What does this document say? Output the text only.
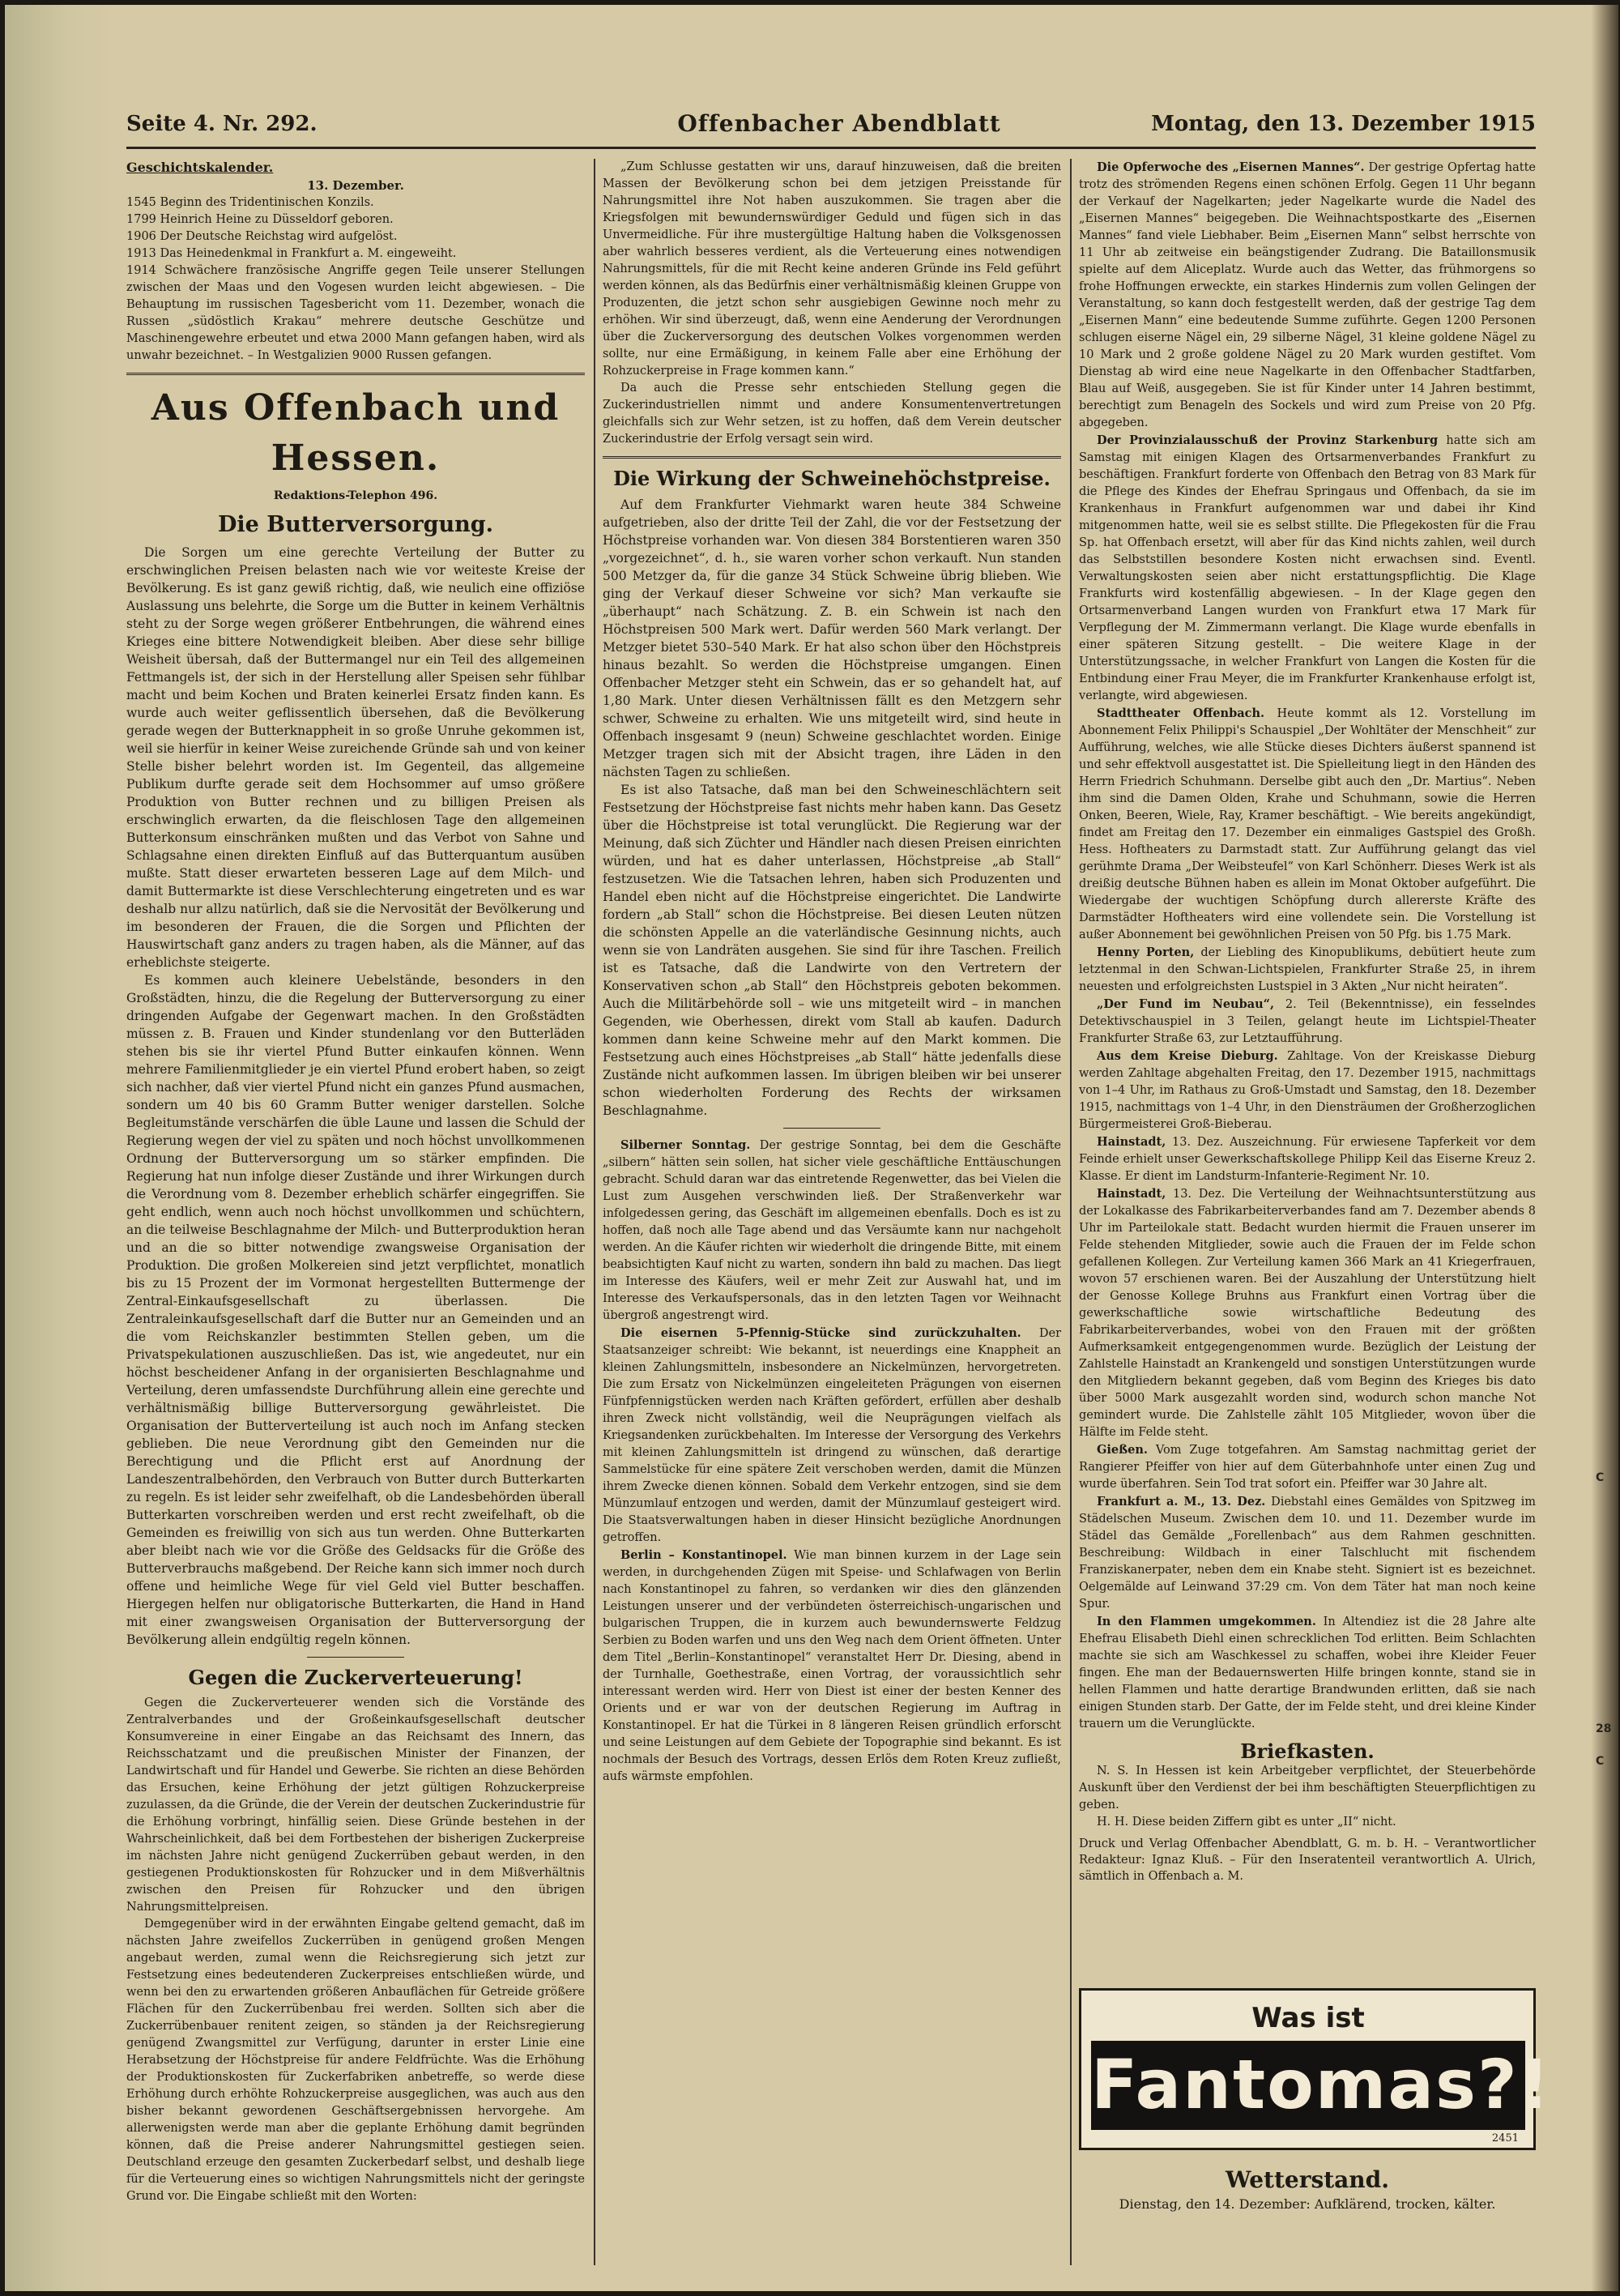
Seite 4. Nr. 292.	Offenbacher Abendblatt	Montag, den 13. Dezember 1915
Geschichtskalender.
13. Dezember.
1545 Beginn des Tridentinischen Konzils.
1799 Heinrich Heine zu Düsseldorf geboren.
1906 Der Deutsche Reichstag wird aufgelöst.
1913 Das Heinedenkmal in Frankfurt a. M. eingeweiht.
1914 Schwächere französische Angriffe gegen Teile unserer Stellungen zwischen der Maas und den Vogesen wurden leicht abgewiesen. – Die Behauptung im russischen Tagesbericht vom 11. Dezember, wonach die Russen „südöstlich Krakau“ mehrere deutsche Geschütze und Maschinengewehre erbeutet und etwa 2000 Mann gefangen haben, wird als unwahr bezeichnet. – In Westgalizien 9000 Russen gefangen.
Aus Offenbach und Hessen.
Redaktions-Telephon 496.
Die Butterversorgung.

Die Sorgen um eine gerechte Verteilung der Butter zu erschwinglichen Preisen belasten nach wie vor weiteste Kreise der Bevölkerung. Es ist ganz gewiß richtig, daß, wie neulich eine offiziöse Auslassung uns belehrte, die Sorge um die Butter in keinem Verhältnis steht zu der Sorge wegen größerer Entbehrungen, die während eines Krieges eine bittere Notwendigkeit bleiben. Aber diese sehr billige Weisheit übersah, daß der Buttermangel nur ein Teil des allgemeinen Fettmangels ist, der sich in der Herstellung aller Speisen sehr fühlbar macht und beim Kochen und Braten keinerlei Ersatz finden kann. Es wurde auch weiter geflissentlich übersehen, daß die Bevölkerung gerade wegen der Butterknappheit in so große Unruhe gekommen ist, weil sie hierfür in keiner Weise zureichende Gründe sah und von keiner Stelle bisher belehrt worden ist. Im Gegenteil, das allgemeine Publikum durfte gerade seit dem Hochsommer auf umso größere Produktion von Butter rechnen und zu billigen Preisen als erschwinglich erwarten, da die fleischlosen Tage den allgemeinen Butterkonsum einschränken mußten und das Verbot von Sahne und Schlagsahne einen direkten Einfluß auf das Butterquantum ausüben mußte. Statt dieser erwarteten besseren Lage auf dem Milch- und damit Buttermarkte ist diese Verschlechterung eingetreten und es war deshalb nur allzu natürlich, daß sie die Nervosität der Bevölkerung und im besonderen der Frauen, die die Sorgen und Pflichten der Hauswirtschaft ganz anders zu tragen haben, als die Männer, auf das erheblichste steigerte.

Es kommen auch kleinere Uebelstände, besonders in den Großstädten, hinzu, die die Regelung der Butterversorgung zu einer dringenden Aufgabe der Gegenwart machen. In den Großstädten müssen z. B. Frauen und Kinder stundenlang vor den Butterläden stehen bis sie ihr viertel Pfund Butter einkaufen können. Wenn mehrere Familienmitglieder je ein viertel Pfund erobert haben, so zeigt sich nachher, daß vier viertel Pfund nicht ein ganzes Pfund ausmachen, sondern um 40 bis 60 Gramm Butter weniger darstellen. Solche Begleitumstände verschärfen die üble Laune und lassen die Schuld der Regierung wegen der viel zu späten und noch höchst unvollkommenen Ordnung der Butterversorgung um so stärker empfinden. Die Regierung hat nun infolge dieser Zustände und ihrer Wirkungen durch die Verordnung vom 8. Dezember erheblich schärfer eingegriffen. Sie geht endlich, wenn auch noch höchst unvollkommen und schüchtern, an die teilweise Beschlagnahme der Milch- und Butterproduktion heran und an die so bitter notwendige zwangsweise Organisation der Produktion. Die großen Molkereien sind jetzt verpflichtet, monatlich bis zu 15 Prozent der im Vormonat hergestellten Buttermenge der Zentral-Einkaufsgesellschaft zu überlassen. Die Zentraleinkaufsgesellschaft darf die Butter nur an Gemeinden und an die vom Reichskanzler bestimmten Stellen geben, um die Privatspekulationen auszuschließen. Das ist, wie angedeutet, nur ein höchst bescheidener Anfang in der organisierten Beschlagnahme und Verteilung, deren umfassendste Durchführung allein eine gerechte und verhältnismäßig billige Butterversorgung gewährleistet. Die Organisation der Butterverteilung ist auch noch im Anfang stecken geblieben. Die neue Verordnung gibt den Gemeinden nur die Berechtigung und die Pflicht erst auf Anordnung der Landeszentralbehörden, den Verbrauch von Butter durch Butterkarten zu regeln. Es ist leider sehr zweifelhaft, ob die Landesbehörden überall Butterkarten vorschreiben werden und erst recht zweifelhaft, ob die Gemeinden es freiwillig von sich aus tun werden. Ohne Butterkarten aber bleibt nach wie vor die Größe des Geldsacks für die Größe des Butterverbrauchs maßgebend. Der Reiche kann sich immer noch durch offene und heimliche Wege für viel Geld viel Butter beschaffen. Hiergegen helfen nur obligatorische Butterkarten, die Hand in Hand mit einer zwangsweisen Organisation der Butterversorgung der Bevölkerung allein endgültig regeln können.

Gegen die Zuckerverteuerung!

Gegen die Zuckerverteuerer wenden sich die Vorstände des Zentralverbandes und der Großeinkaufsgesellschaft deutscher Konsumvereine in einer Eingabe an das Reichsamt des Innern, das Reichsschatzamt und die preußischen Minister der Finanzen, der Landwirtschaft und für Handel und Gewerbe. Sie richten an diese Behörden das Ersuchen, keine Erhöhung der jetzt gültigen Rohzuckerpreise zuzulassen, da die Gründe, die der Verein der deutschen Zuckerindustrie für die Erhöhung vorbringt, hinfällig seien. Diese Gründe bestehen in der Wahrscheinlichkeit, daß bei dem Fortbestehen der bisherigen Zuckerpreise im nächsten Jahre nicht genügend Zuckerrüben gebaut werden, in den gestiegenen Produktionskosten für Rohzucker und in dem Mißverhältnis zwischen den Preisen für Rohzucker und den übrigen Nahrungsmittelpreisen.

Demgegenüber wird in der erwähnten Eingabe geltend gemacht, daß im nächsten Jahre zweifellos Zuckerrüben in genügend großen Mengen angebaut werden, zumal wenn die Reichsregierung sich jetzt zur Festsetzung eines bedeutenderen Zuckerpreises entschließen würde, und wenn bei den zu erwartenden größeren Anbauflächen für Getreide größere Flächen für den Zuckerrübenbau frei werden. Sollten sich aber die Zuckerrübenbauer renitent zeigen, so ständen ja der Reichsregierung genügend Zwangsmittel zur Verfügung, darunter in erster Linie eine Herabsetzung der Höchstpreise für andere Feldfrüchte. Was die Erhöhung der Produktionskosten für Zuckerfabriken anbetreffe, so werde diese Erhöhung durch erhöhte Rohzuckerpreise ausgeglichen, was auch aus den bisher bekannt gewordenen Geschäftsergebnissen hervorgehe. Am allerwenigsten werde man aber die geplante Erhöhung damit begründen können, daß die Preise anderer Nahrungsmittel gestiegen seien. Deutschland erzeuge den gesamten Zuckerbedarf selbst, und deshalb liege für die Verteuerung eines so wichtigen Nahrungsmittels nicht der geringste Grund vor. Die Eingabe schließt mit den Worten:

„Zum Schlusse gestatten wir uns, darauf hinzuweisen, daß die breiten Massen der Bevölkerung schon bei dem jetzigen Preisstande für Nahrungsmittel ihre Not haben auszukommen. Sie tragen aber die Kriegsfolgen mit bewundernswürdiger Geduld und fügen sich in das Unvermeidliche. Für ihre mustergültige Haltung haben die Volksgenossen aber wahrlich besseres verdient, als die Verteuerung eines notwendigen Nahrungsmittels, für die mit Recht keine anderen Gründe ins Feld geführt werden können, als das Bedürfnis einer verhältnismäßig kleinen Gruppe von Produzenten, die jetzt schon sehr ausgiebigen Gewinne noch mehr zu erhöhen. Wir sind überzeugt, daß, wenn eine Aenderung der Verordnungen über die Zuckerversorgung des deutschen Volkes vorgenommen werden sollte, nur eine Ermäßigung, in keinem Falle aber eine Erhöhung der Rohzuckerpreise in Frage kommen kann.“

Da auch die Presse sehr entschieden Stellung gegen die Zuckerindustriellen nimmt und andere Konsumentenvertretungen gleichfalls sich zur Wehr setzen, ist zu hoffen, daß dem Verein deutscher Zuckerindustrie der Erfolg versagt sein wird.

Die Wirkung der Schweinehöchstpreise.

Auf dem Frankfurter Viehmarkt waren heute 384 Schweine aufgetrieben, also der dritte Teil der Zahl, die vor der Festsetzung der Höchstpreise vorhanden war. Von diesen 384 Borstentieren waren 350 „vorgezeichnet“, d. h., sie waren vorher schon verkauft. Nun standen 500 Metzger da, für die ganze 34 Stück Schweine übrig blieben. Wie ging der Verkauf dieser Schweine vor sich? Man verkaufte sie „überhaupt“ nach Schätzung. Z. B. ein Schwein ist nach den Höchstpreisen 500 Mark wert. Dafür werden 560 Mark verlangt. Der Metzger bietet 530–540 Mark. Er hat also schon über den Höchstpreis hinaus bezahlt. So werden die Höchstpreise umgangen. Einen Offenbacher Metzger steht ein Schwein, das er so gehandelt hat, auf 1,80 Mark. Unter diesen Verhältnissen fällt es den Metzgern sehr schwer, Schweine zu erhalten. Wie uns mitgeteilt wird, sind heute in Offenbach insgesamt 9 (neun) Schweine geschlachtet worden. Einige Metzger tragen sich mit der Absicht tragen, ihre Läden in den nächsten Tagen zu schließen.

Es ist also Tatsache, daß man bei den Schweineschlächtern seit Festsetzung der Höchstpreise fast nichts mehr haben kann. Das Gesetz über die Höchstpreise ist total verunglückt. Die Regierung war der Meinung, daß sich Züchter und Händler nach diesen Preisen einrichten würden, und hat es daher unterlassen, Höchstpreise „ab Stall“ festzusetzen. Wie die Tatsachen lehren, haben sich Produzenten und Handel eben nicht auf die Höchstpreise eingerichtet. Die Landwirte fordern „ab Stall“ schon die Höchstpreise. Bei diesen Leuten nützen die schönsten Appelle an die vaterländische Gesinnung nichts, auch wenn sie von Landräten ausgehen. Sie sind für ihre Taschen. Freilich ist es Tatsache, daß die Landwirte von den Vertretern der Konservativen schon „ab Stall“ den Höchstpreis geboten bekommen. Auch die Militärbehörde soll – wie uns mitgeteilt wird – in manchen Gegenden, wie Oberhessen, direkt vom Stall ab kaufen. Dadurch kommen dann keine Schweine mehr auf den Markt kommen. Die Festsetzung auch eines Höchstpreises „ab Stall“ hätte jedenfalls diese Zustände nicht aufkommen lassen. Im übrigen bleiben wir bei unserer schon wiederholten Forderung des Rechts der wirksamen Beschlagnahme.

Silberner Sonntag. Der gestrige Sonntag, bei dem die Geschäfte „silbern“ hätten sein sollen, hat sicher viele geschäftliche Enttäuschungen gebracht. Schuld daran war das eintretende Regenwetter, das bei Vielen die Lust zum Ausgehen verschwinden ließ. Der Straßenverkehr war infolgedessen gering, das Geschäft im allgemeinen ebenfalls. Doch es ist zu hoffen, daß noch alle Tage abend und das Versäumte kann nur nachgeholt werden. An die Käufer richten wir wiederholt die dringende Bitte, mit einem beabsichtigten Kauf nicht zu warten, sondern ihn bald zu machen. Das liegt im Interesse des Käufers, weil er mehr Zeit zur Auswahl hat, und im Interesse des Verkaufspersonals, das in den letzten Tagen vor Weihnacht übergroß angestrengt wird.

Die eisernen 5-Pfennig-Stücke sind zurückzuhalten. Der Staatsanzeiger schreibt: Wie bekannt, ist neuerdings eine Knappheit an kleinen Zahlungsmitteln, insbesondere an Nickelmünzen, hervorgetreten. Die zum Ersatz von Nickelmünzen eingeleiteten Prägungen von eisernen Fünfpfennigstücken werden nach Kräften gefördert, erfüllen aber deshalb ihren Zweck nicht vollständig, weil die Neuprägungen vielfach als Kriegsandenken zurückbehalten. Im Interesse der Versorgung des Verkehrs mit kleinen Zahlungsmitteln ist dringend zu wünschen, daß derartige Sammelstücke für eine spätere Zeit verschoben werden, damit die Münzen ihrem Zwecke dienen können. Sobald dem Verkehr entzogen, sind sie dem Münzumlauf entzogen und werden, damit der Münzumlauf gesteigert wird. Die Staatsverwaltungen haben in dieser Hinsicht bezügliche Anordnungen getroffen.

Berlin – Konstantinopel. Wie man binnen kurzem in der Lage sein werden, in durchgehenden Zügen mit Speise- und Schlafwagen von Berlin nach Konstantinopel zu fahren, so verdanken wir dies den glänzenden Leistungen unserer und der verbündeten österreichisch-ungarischen und bulgarischen Truppen, die in kurzem auch bewundernswerte Feldzug Serbien zu Boden warfen und uns den Weg nach dem Orient öffneten. Unter dem Titel „Berlin–Konstantinopel“ veranstaltet Herr Dr. Diesing, abend in der Turnhalle, Goethestraße, einen Vortrag, der voraussichtlich sehr interessant werden wird. Herr von Diest ist einer der besten Kenner des Orients und er war von der deutschen Regierung im Auftrag in Konstantinopel. Er hat die Türkei in 8 längeren Reisen gründlich erforscht und seine Leistungen auf dem Gebiete der Topographie sind bekannt. Es ist nochmals der Besuch des Vortrags, dessen Erlös dem Roten Kreuz zufließt, aufs wärmste empfohlen.

Die Opferwoche des „Eisernen Mannes“. Der gestrige Opfertag hatte trotz des strömenden Regens einen schönen Erfolg. Gegen 11 Uhr begann der Verkauf der Nagelkarten; jeder Nagelkarte wurde die Nadel des „Eisernen Mannes“ beigegeben. Die Weihnachtspostkarte des „Eisernen Mannes“ fand viele Liebhaber. Beim „Eisernen Mann“ selbst herrschte von 11 Uhr ab zeitweise ein beängstigender Zudrang. Die Bataillonsmusik spielte auf dem Aliceplatz. Wurde auch das Wetter, das frühmorgens so frohe Hoffnungen erweckte, ein starkes Hindernis zum vollen Gelingen der Veranstaltung, so kann doch festgestellt werden, daß der gestrige Tag dem „Eisernen Mann“ eine bedeutende Summe zuführte. Gegen 1200 Personen schlugen eiserne Nägel ein, 29 silberne Nägel, 31 kleine goldene Nägel zu 10 Mark und 2 große goldene Nägel zu 20 Mark wurden gestiftet. Vom Dienstag ab wird eine neue Nagelkarte in den Offenbacher Stadtfarben, Blau auf Weiß, ausgegeben. Sie ist für Kinder unter 14 Jahren bestimmt, berechtigt zum Benageln des Sockels und wird zum Preise von 20 Pfg. abgegeben.

Der Provinzialausschuß der Provinz Starkenburg hatte sich am Samstag mit einigen Klagen des Ortsarmenverbandes Frankfurt zu beschäftigen. Frankfurt forderte von Offenbach den Betrag von 83 Mark für die Pflege des Kindes der Ehefrau Springaus und Offenbach, da sie im Krankenhaus in Frankfurt aufgenommen war und dabei ihr Kind mitgenommen hatte, weil sie es selbst stillte. Die Pflegekosten für die Frau Sp. hat Offenbach ersetzt, will aber für das Kind nichts zahlen, weil durch das Selbststillen besondere Kosten nicht erwachsen sind. Eventl. Verwaltungskosten seien aber nicht erstattungspflichtig. Die Klage Frankfurts wird kostenfällig abgewiesen. – In der Klage gegen den Ortsarmenverband Langen wurden von Frankfurt etwa 17 Mark für Verpflegung der M. Zimmermann verlangt. Die Klage wurde ebenfalls in einer späteren Sitzung gestellt. – Die weitere Klage in der Unterstützungssache, in welcher Frankfurt von Langen die Kosten für die Entbindung einer Frau Meyer, die im Frankfurter Krankenhause erfolgt ist, verlangte, wird abgewiesen.

Stadttheater Offenbach. Heute kommt als 12. Vorstellung im Abonnement Felix Philippi's Schauspiel „Der Wohltäter der Menschheit“ zur Aufführung, welches, wie alle Stücke dieses Dichters äußerst spannend ist und sehr effektvoll ausgestattet ist. Die Spielleitung liegt in den Händen des Herrn Friedrich Schuhmann. Derselbe gibt auch den „Dr. Martius“. Neben ihm sind die Damen Olden, Krahe und Schuhmann, sowie die Herren Onken, Beeren, Wiele, Ray, Kramer beschäftigt. – Wie bereits angekündigt, findet am Freitag den 17. Dezember ein einmaliges Gastspiel des Großh. Hess. Hoftheaters zu Darmstadt statt. Zur Aufführung gelangt das viel gerühmte Drama „Der Weibsteufel“ von Karl Schönherr. Dieses Werk ist als dreißig deutsche Bühnen haben es allein im Monat Oktober aufgeführt. Die Wiedergabe der wuchtigen Schöpfung durch allererste Kräfte des Darmstädter Hoftheaters wird eine vollendete sein. Die Vorstellung ist außer Abonnement bei gewöhnlichen Preisen von 50 Pfg. bis 1.75 Mark.

Henny Porten, der Liebling des Kinopublikums, debütiert heute zum letztenmal in den Schwan-Lichtspielen, Frankfurter Straße 25, in ihrem neuesten und erfolgreichsten Lustspiel in 3 Akten „Nur nicht heiraten“.

„Der Fund im Neubau“, 2. Teil (Bekenntnisse), ein fesselndes Detektivschauspiel in 3 Teilen, gelangt heute im Lichtspiel-Theater Frankfurter Straße 63, zur Letztaufführung.

Aus dem Kreise Dieburg. Zahltage. Von der Kreiskasse Dieburg werden Zahltage abgehalten Freitag, den 17. Dezember 1915, nachmittags von 1–4 Uhr, im Rathaus zu Groß-Umstadt und Samstag, den 18. Dezember 1915, nachmittags von 1–4 Uhr, in den Diensträumen der Großherzoglichen Bürgermeisterei Groß-Bieberau.

Hainstadt, 13. Dez. Auszeichnung. Für erwiesene Tapferkeit vor dem Feinde erhielt unser Gewerkschaftskollege Philipp Keil das Eiserne Kreuz 2. Klasse. Er dient im Landsturm-Infanterie-Regiment Nr. 10.

Hainstadt, 13. Dez. Die Verteilung der Weihnachtsunterstützung aus der Lokalkasse des Fabrikarbeiterverbandes fand am 7. Dezember abends 8 Uhr im Parteilokale statt. Bedacht wurden hiermit die Frauen unserer im Felde stehenden Mitglieder, sowie auch die Frauen der im Felde schon gefallenen Kollegen. Zur Verteilung kamen 366 Mark an 41 Kriegerfrauen, wovon 57 erschienen waren. Bei der Auszahlung der Unterstützung hielt der Genosse Kollege Bruhns aus Frankfurt einen Vortrag über die gewerkschaftliche sowie wirtschaftliche Bedeutung des Fabrikarbeiterverbandes, wobei von den Frauen mit der größten Aufmerksamkeit entgegengenommen wurde. Bezüglich der Leistung der Zahlstelle Hainstadt an Krankengeld und sonstigen Unterstützungen wurde den Mitgliedern bekannt gegeben, daß vom Beginn des Krieges bis dato über 5000 Mark ausgezahlt worden sind, wodurch schon manche Not gemindert wurde. Die Zahlstelle zählt 105 Mitglieder, wovon über die Hälfte im Felde steht.

Gießen. Vom Zuge totgefahren. Am Samstag nachmittag geriet der Rangierer Pfeiffer von hier auf dem Güterbahnhofe unter einen Zug und wurde überfahren. Sein Tod trat sofort ein. Pfeiffer war 30 Jahre alt.

Frankfurt a. M., 13. Dez. Diebstahl eines Gemäldes von Spitzweg im Städelschen Museum. Zwischen dem 10. und 11. Dezember wurde im Städel das Gemälde „Forellenbach“ aus dem Rahmen geschnitten. Beschreibung: Wildbach in einer Talschlucht mit fischendem Franziskanerpater, neben dem ein Knabe steht. Signiert ist es bezeichnet. Oelgemälde auf Leinwand 37:29 cm. Von dem Täter hat man noch keine Spur.

In den Flammen umgekommen. In Altendiez ist die 28 Jahre alte Ehefrau Elisabeth Diehl einen schrecklichen Tod erlitten. Beim Schlachten machte sie sich am Waschkessel zu schaffen, wobei ihre Kleider Feuer fingen. Ehe man der Bedauernswerten Hilfe bringen konnte, stand sie in hellen Flammen und hatte derartige Brandwunden erlitten, daß sie nach einigen Stunden starb. Der Gatte, der im Felde steht, und drei kleine Kinder trauern um die Verunglückte.

Briefkasten.

N. S. In Hessen ist kein Arbeitgeber verpflichtet, der Steuerbehörde Auskunft über den Verdienst der bei ihm beschäftigten Steuerpflichtigen zu geben.

H. H. Diese beiden Ziffern gibt es unter „II“ nicht.

Druck und Verlag Offenbacher Abendblatt, G. m. b. H. – Verantwortlicher Redakteur: Ignaz Kluß. – Für den Inseratenteil verantwortlich A. Ulrich, sämtlich in Offenbach a. M.
Was ist
Fantomas?!
2451
Wetterstand.
Dienstag, den 14. Dezember: Aufklärend, trocken, kälter.
C
28
C
